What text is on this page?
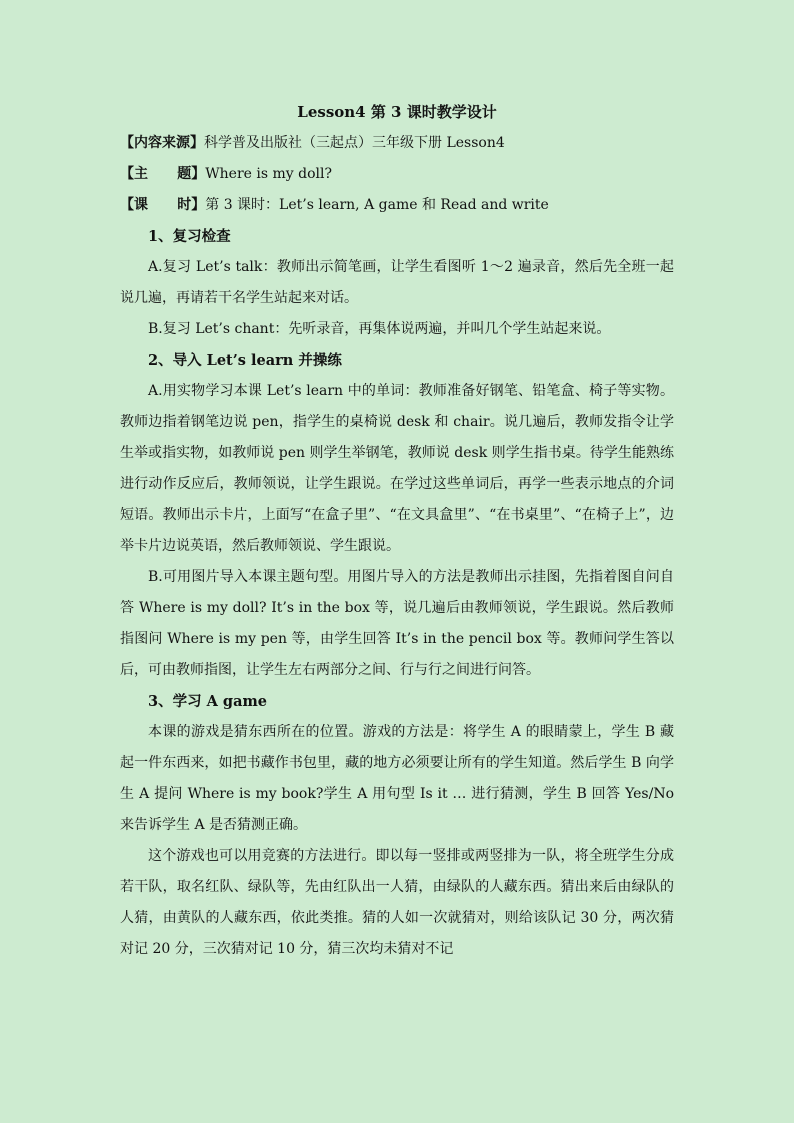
Lesson4 第 3 课时教学设计
【内容来源】科学普及出版社（三起点）三年级下册 Lesson4
【主      题】Where is my doll?
【课      时】第 3 课时：Let’s learn, A game 和 Read and write
1、复习检查

A.复习 Let’s talk：教师出示简笔画，让学生看图听 1～2 遍录音，然后先全班一起说几遍，再请若干名学生站起来对话。

B.复习 Let’s chant：先听录音，再集体说两遍，并叫几个学生站起来说。

2、导入 Let’s learn 并操练

A.用实物学习本课 Let’s learn 中的单词：教师准备好钢笔、铅笔盒、椅子等实物。教师边指着钢笔边说 pen，指学生的桌椅说 desk 和 chair。说几遍后，教师发指令让学生举或指实物，如教师说 pen 则学生举钢笔，教师说 desk 则学生指书桌。待学生能熟练进行动作反应后，教师领说，让学生跟说。在学过这些单词后，再学一些表示地点的介词短语。教师出示卡片，上面写“在盒子里”、“在文具盒里”、“在书桌里”、“在椅子上”，边举卡片边说英语，然后教师领说、学生跟说。

B.可用图片导入本课主题句型。用图片导入的方法是教师出示挂图，先指着图自问自答 Where is my doll? It’s in the box 等，说几遍后由教师领说，学生跟说。然后教师指图问 Where is my pen 等，由学生回答 It’s in the pencil box 等。教师问学生答以后，可由教师指图，让学生左右两部分之间、行与行之间进行问答。

3、学习 A game

本课的游戏是猜东西所在的位置。游戏的方法是：将学生 A 的眼睛蒙上，学生 B 藏起一件东西来，如把书藏作书包里，藏的地方必须要让所有的学生知道。然后学生 B 向学生 A 提问 Where is my book?学生 A 用句型 Is it … 进行猜测，学生 B 回答 Yes/No 来告诉学生 A 是否猜测正确。

这个游戏也可以用竞赛的方法进行。即以每一竖排或两竖排为一队，将全班学生分成若干队，取名红队、绿队等，先由红队出一人猜，由绿队的人藏东西。猜出来后由绿队的人猜，由黄队的人藏东西，依此类推。猜的人如一次就猜对，则给该队记 30 分，两次猜对记 20 分，三次猜对记 10 分，猜三次均未猜对不记
